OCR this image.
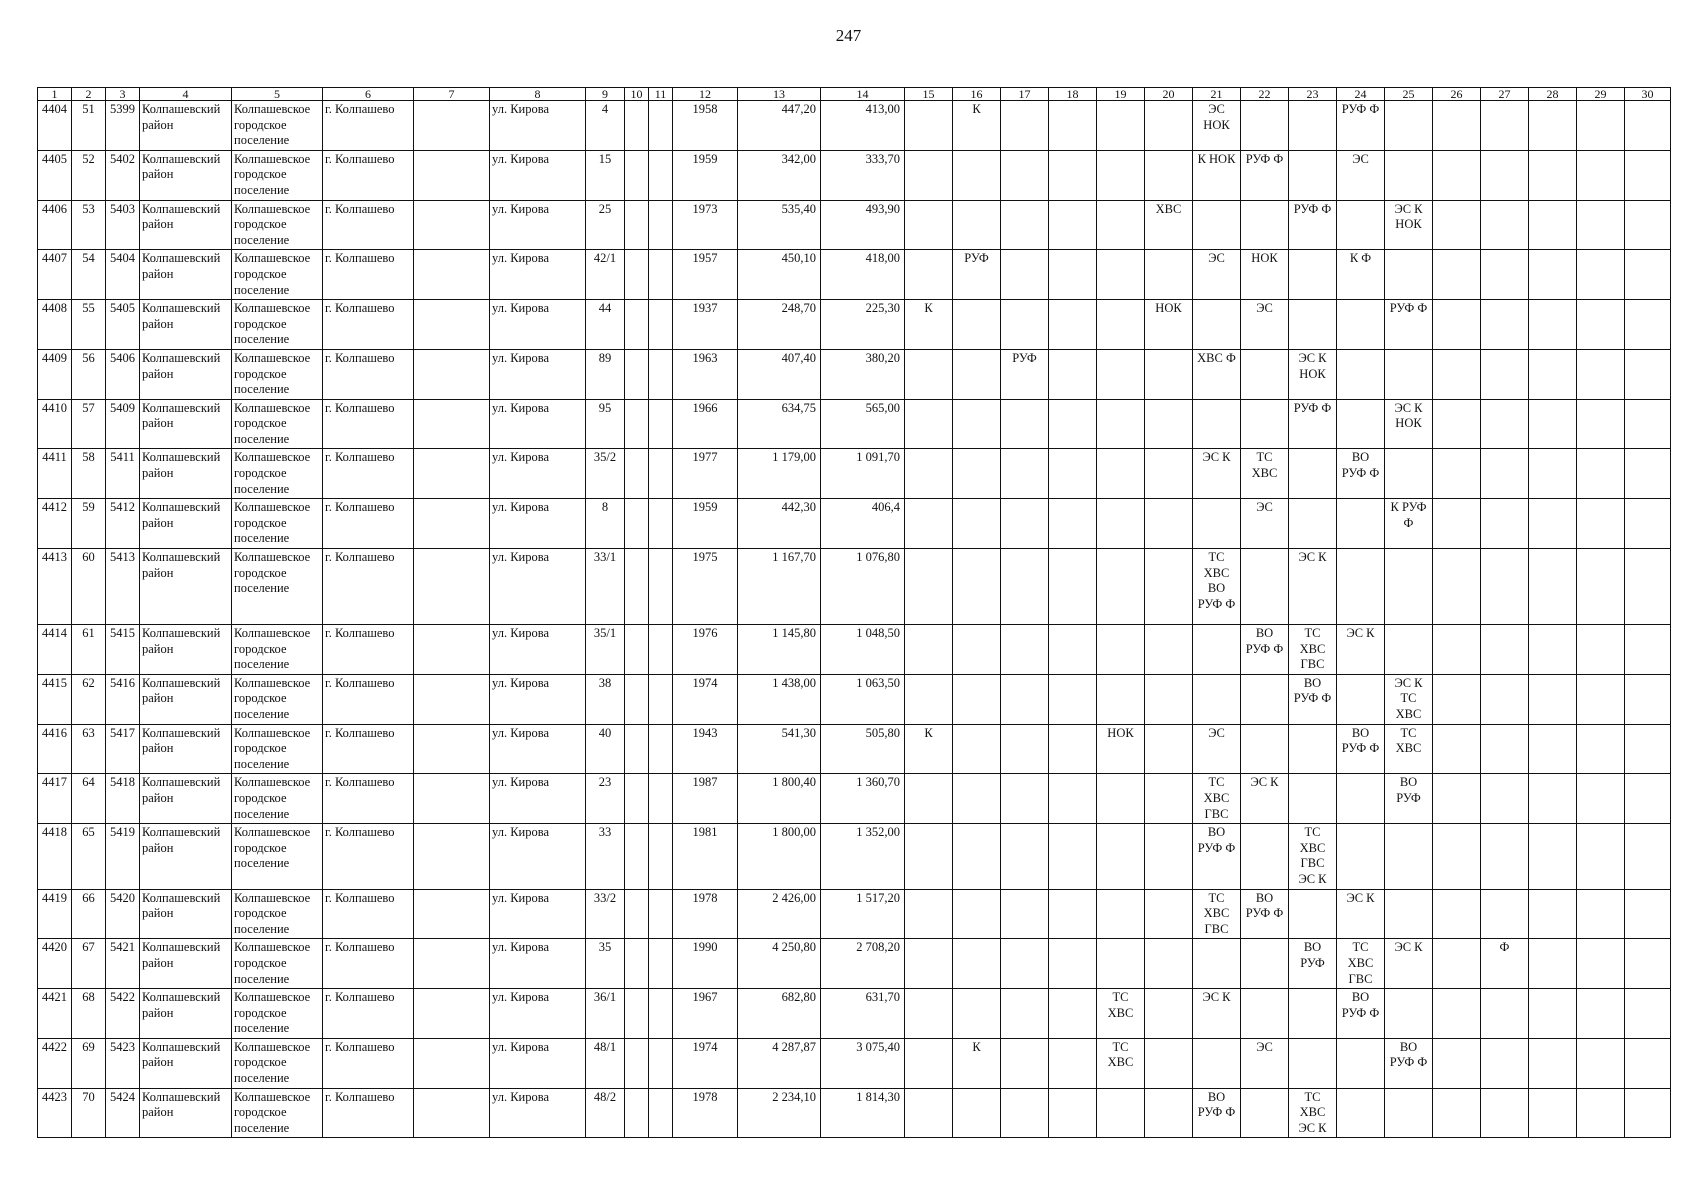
247
1	2	3	4	5	6	7	8	9	10	11	12	13	14	15	16	17	18	19	20	21	22	23	24	25	26	27	28	29	30
4404	51	5399	Колпашевский район	Колпашевское городское поселение	г. Колпашево		ул. Кирова	4			1958	447,20	413,00		К					ЭС НОК			РУФ Ф						
4405	52	5402	Колпашевский район	Колпашевское городское поселение	г. Колпашево		ул. Кирова	15			1959	342,00	333,70							К НОК	РУФ Ф		ЭС						
4406	53	5403	Колпашевский район	Колпашевское городское поселение	г. Колпашево		ул. Кирова	25			1973	535,40	493,90						ХВС			РУФ Ф		ЭС К НОК					
4407	54	5404	Колпашевский район	Колпашевское городское поселение	г. Колпашево		ул. Кирова	42/1			1957	450,10	418,00		РУФ					ЭС	НОК		К Ф						
4408	55	5405	Колпашевский район	Колпашевское городское поселение	г. Колпашево		ул. Кирова	44			1937	248,70	225,30	К					НОК		ЭС			РУФ Ф					
4409	56	5406	Колпашевский район	Колпашевское городское поселение	г. Колпашево		ул. Кирова	89			1963	407,40	380,20			РУФ				ХВС Ф		ЭС К НОК							
4410	57	5409	Колпашевский район	Колпашевское городское поселение	г. Колпашево		ул. Кирова	95			1966	634,75	565,00									РУФ Ф		ЭС К НОК					
4411	58	5411	Колпашевский район	Колпашевское городское поселение	г. Колпашево		ул. Кирова	35/2			1977	1 179,00	1 091,70							ЭС К	ТС ХВС		ВО РУФ Ф						
4412	59	5412	Колпашевский район	Колпашевское городское поселение	г. Колпашево		ул. Кирова	8			1959	442,30	406,4								ЭС			К РУФ Ф					
4413	60	5413	Колпашевский район	Колпашевское городское поселение	г. Колпашево		ул. Кирова	33/1			1975	1 167,70	1 076,80							ТС ХВС ВО РУФ Ф		ЭС К							
4414	61	5415	Колпашевский район	Колпашевское городское поселение	г. Колпашево		ул. Кирова	35/1			1976	1 145,80	1 048,50								ВО РУФ Ф	ТС ХВС ГВС	ЭС К						
4415	62	5416	Колпашевский район	Колпашевское городское поселение	г. Колпашево		ул. Кирова	38			1974	1 438,00	1 063,50									ВО РУФ Ф		ЭС К ТС ХВС					
4416	63	5417	Колпашевский район	Колпашевское городское поселение	г. Колпашево		ул. Кирова	40			1943	541,30	505,80	К				НОК		ЭС			ВО РУФ Ф	ТС ХВС					
4417	64	5418	Колпашевский район	Колпашевское городское поселение	г. Колпашево		ул. Кирова	23			1987	1 800,40	1 360,70							ТС ХВС ГВС	ЭС К			ВО РУФ					
4418	65	5419	Колпашевский район	Колпашевское городское поселение	г. Колпашево		ул. Кирова	33			1981	1 800,00	1 352,00							ВО РУФ Ф		ТС ХВС ГВС ЭС К							
4419	66	5420	Колпашевский район	Колпашевское городское поселение	г. Колпашево		ул. Кирова	33/2			1978	2 426,00	1 517,20							ТС ХВС ГВС	ВО РУФ Ф		ЭС К						
4420	67	5421	Колпашевский район	Колпашевское городское поселение	г. Колпашево		ул. Кирова	35			1990	4 250,80	2 708,20									ВО РУФ	ТС ХВС ГВС	ЭС К		Ф			
4421	68	5422	Колпашевский район	Колпашевское городское поселение	г. Колпашево		ул. Кирова	36/1			1967	682,80	631,70					ТС ХВС		ЭС К			ВО РУФ Ф						
4422	69	5423	Колпашевский район	Колпашевское городское поселение	г. Колпашево		ул. Кирова	48/1			1974	4 287,87	3 075,40		К			ТС ХВС			ЭС			ВО РУФ Ф					
4423	70	5424	Колпашевский район	Колпашевское городское поселение	г. Колпашево		ул. Кирова	48/2			1978	2 234,10	1 814,30							ВО РУФ Ф		ТС ХВС ЭС К							
